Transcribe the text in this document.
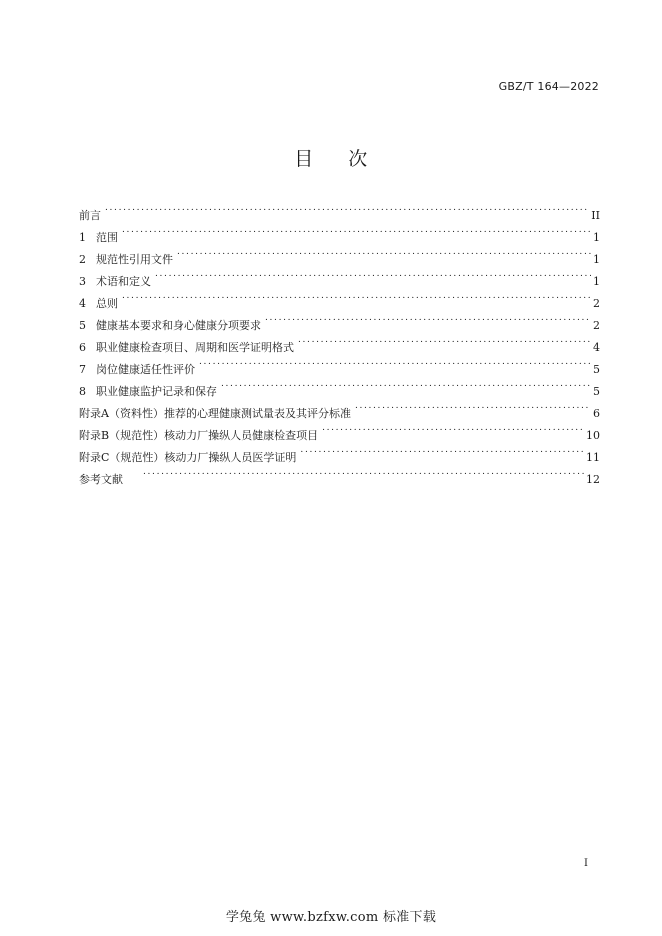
GBZ/T 164—2022
目 次
前言 . . .	II
1 范围 . . .	1
2 规范性引用文件 . . .	1
3 术语和定义 . . .	1
4 总则 . . .	2
5 健康基本要求和身心健康分项要求 . . .	2
6 职业健康检查项目、周期和医学证明格式 . . .	4
7 岗位健康适任性评价 . . .	5
8 职业健康监护记录和保存 . . .	5
附录A（资料性）推荐的心理健康测试量表及其评分标准 . . .	6
附录B（规范性）核动力厂操纵人员健康检查项目 . . .	10
附录C（规范性）核动力厂操纵人员医学证明 . . .	11
参考文献 . . .	12
I
学兔兔 www.bzfxw.com 标准下载
